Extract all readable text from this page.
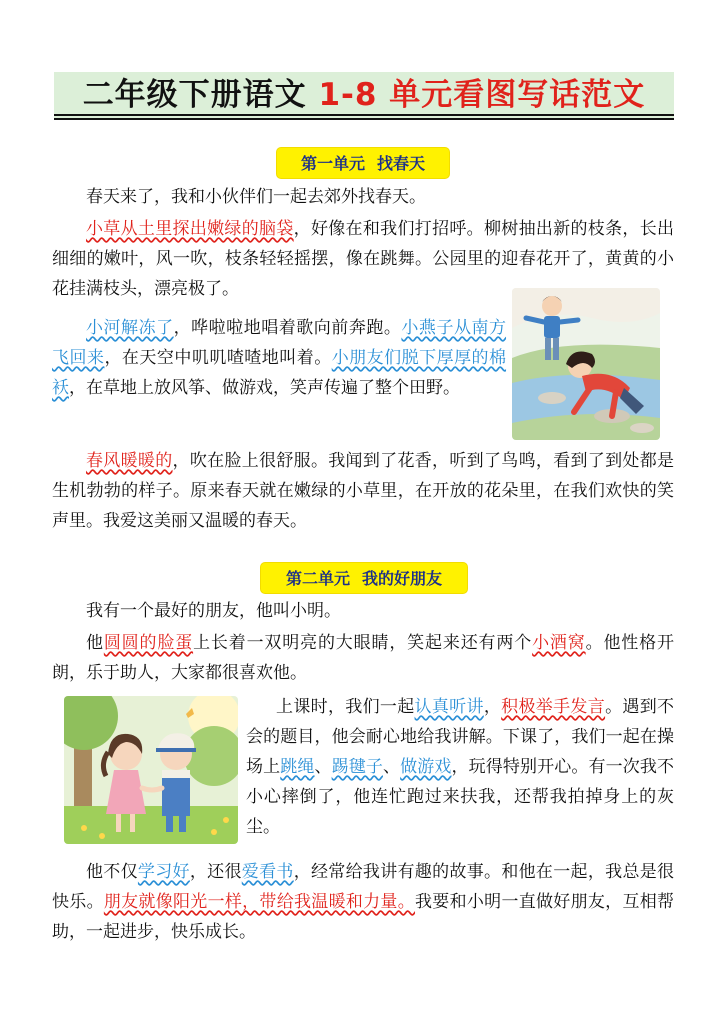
二年级下册语文 1-8 单元看图写话范文
第一单元 找春天

春天来了，我和小伙伴们一起去郊外找春天。

小草从土里探出嫩绿的脑袋，好像在和我们打招呼。柳树抽出新的枝条，长出细细的嫩叶，风一吹，枝条轻轻摇摆，像在跳舞。公园里的迎春花开了，黄黄的小花挂满枝头，漂亮极了。

小河解冻了，哗啦啦地唱着歌向前奔跑。小燕子从南方飞回来，在天空中叽叽喳喳地叫着。小朋友们脱下厚厚的棉袄，在草地上放风筝、做游戏，笑声传遍了整个田野。

春风暖暖的，吹在脸上很舒服。我闻到了花香，听到了鸟鸣，看到了到处都是生机勃勃的样子。原来春天就在嫩绿的小草里，在开放的花朵里，在我们欢快的笑声里。我爱这美丽又温暖的春天。

第二单元 我的好朋友

我有一个最好的朋友，他叫小明。

他圆圆的脸蛋上长着一双明亮的大眼睛，笑起来还有两个小酒窝。他性格开朗，乐于助人，大家都很喜欢他。

上课时，我们一起认真听讲，积极举手发言。遇到不会的题目，他会耐心地给我讲解。下课了，我们一起在操场上跳绳、踢毽子、做游戏，玩得特别开心。有一次我不小心摔倒了，他连忙跑过来扶我，还帮我拍掉身上的灰尘。

他不仅学习好，还很爱看书，经常给我讲有趣的故事。和他在一起，我总是很快乐。朋友就像阳光一样，带给我温暖和力量。我要和小明一直做好朋友，互相帮助，一起进步，快乐成长。
